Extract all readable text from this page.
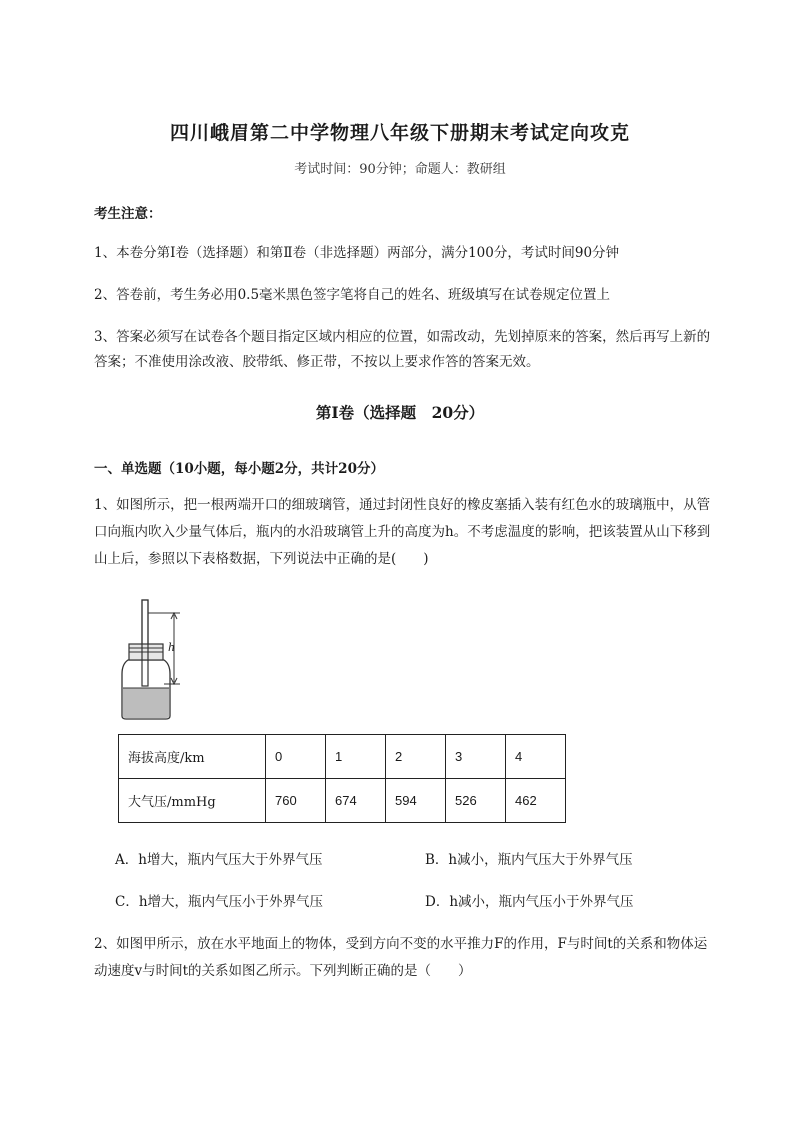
四川峨眉第二中学物理八年级下册期末考试定向攻克
考试时间：90分钟；命题人：教研组
考生注意：
1、本卷分第I卷（选择题）和第Ⅱ卷（非选择题）两部分，满分100分，考试时间90分钟
2、答卷前，考生务必用0.5毫米黑色签字笔将自己的姓名、班级填写在试卷规定位置上
3、答案必须写在试卷各个题目指定区域内相应的位置，如需改动，先划掉原来的答案，然后再写上新的答案；不准使用涂改液、胶带纸、修正带，不按以上要求作答的答案无效。
第I卷（选择题　20分）
一、单选题（10小题，每小题2分，共计20分）
1、如图所示，把一根两端开口的细玻璃管，通过封闭性良好的橡皮塞插入装有红色水的玻璃瓶中，从管口向瓶内吹入少量气体后，瓶内的水沿玻璃管上升的高度为h。不考虑温度的影响，把该装置从山下移到山上后，参照以下表格数据，下列说法中正确的是(　　)
h
海拔高度/km	0	1	2	3	4
大气压/mmHg	760	674	594	526	462
A．h增大，瓶内气压大于外界气压	B．h减小，瓶内气压大于外界气压
C．h增大，瓶内气压小于外界气压	D．h减小，瓶内气压小于外界气压
2、如图甲所示，放在水平地面上的物体，受到方向不变的水平推力F的作用，F与时间t的关系和物体运动速度v与时间t的关系如图乙所示。下列判断正确的是（　　）
